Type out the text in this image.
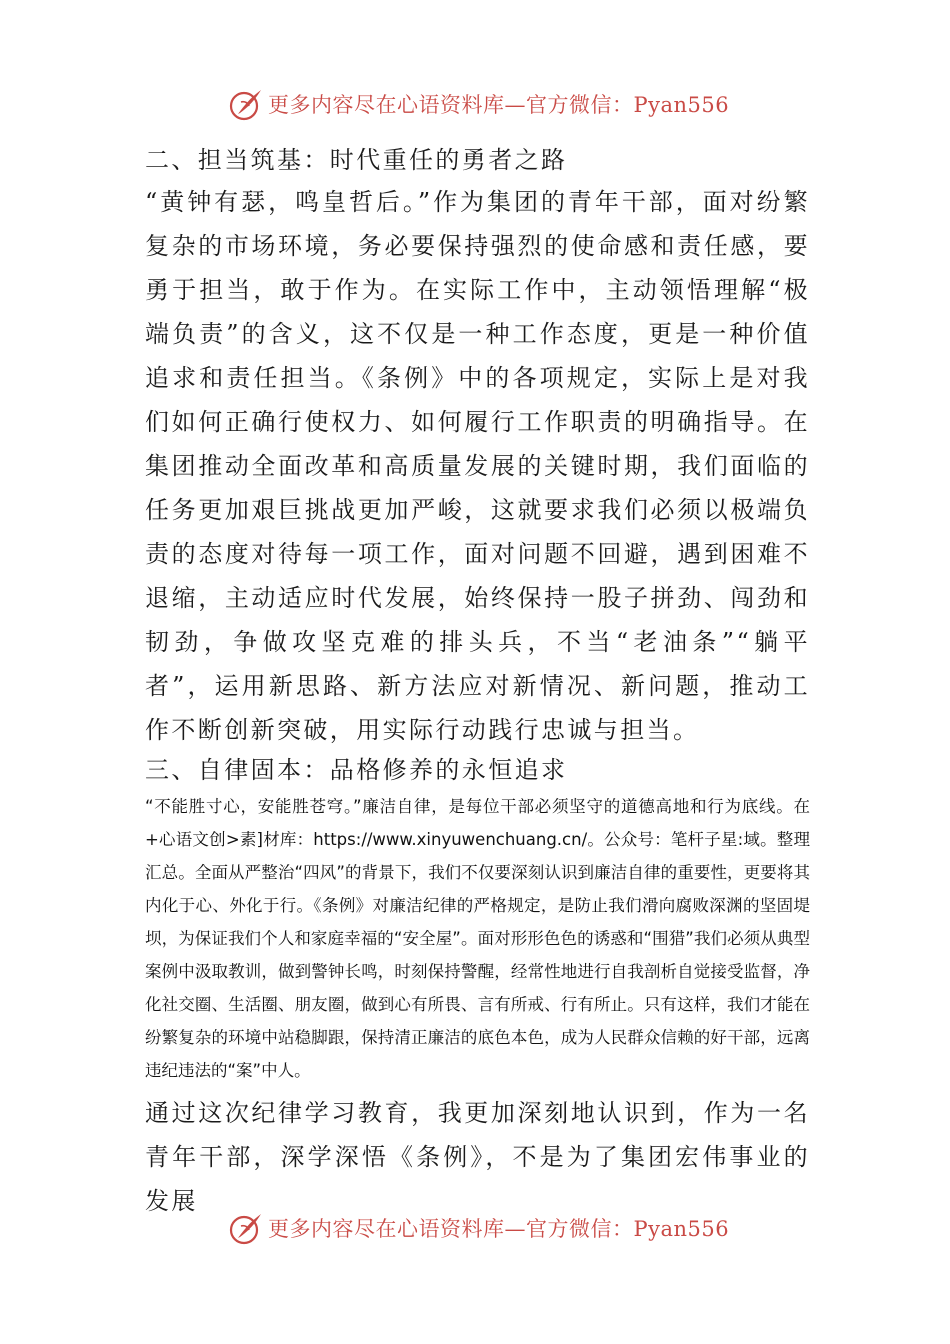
更多内容尽在心语资料库—官方微信：Pyan556
二、担当筑基：时代重任的勇者之路

“黄钟有瑟，鸣皇哲后。”作为集团的青年干部，面对纷繁复杂的市场环境，务必要保持强烈的使命感和责任感，要勇于担当，敢于作为。在实际工作中，主动领悟理解“极端负责”的含义，这不仅是一种工作态度，更是一种价值追求和责任担当。《条例》中的各项规定，实际上是对我们如何正确行使权力、如何履行工作职责的明确指导。在集团推动全面改革和高质量发展的关键时期，我们面临的任务更加艰巨挑战更加严峻，这就要求我们必须以极端负责的态度对待每一项工作，面对问题不回避，遇到困难不退缩，主动适应时代发展，始终保持一股子拼劲、闯劲和韧劲，争做攻坚克难的排头兵，不当“老油条”“躺平者”，运用新思路、新方法应对新情况、新问题，推动工作不断创新突破，用实际行动践行忠诚与担当。

三、自律固本：品格修养的永恒追求

“不能胜寸心，安能胜苍穹。”廉洁自律，是每位干部必须坚守的道德高地和行为底线。在+心语文创>素]材库：https://www.xinyuwenchuang.cn/。公众号：笔杆子星:域。整理汇总。全面从严整治“四风”的背景下，我们不仅要深刻认识到廉洁自律的重要性，更要将其内化于心、外化于行。《条例》对廉洁纪律的严格规定，是防止我们滑向腐败深渊的坚固堤坝，为保证我们个人和家庭幸福的“安全屋”。面对形形色色的诱惑和“围猎”我们必须从典型案例中汲取教训，做到警钟长鸣，时刻保持警醒，经常性地进行自我剖析自觉接受监督，净化社交圈、生活圈、朋友圈，做到心有所畏、言有所戒、行有所止。只有这样，我们才能在纷繁复杂的环境中站稳脚跟，保持清正廉洁的底色本色，成为人民群众信赖的好干部，远离违纪违法的“案”中人。

通过这次纪律学习教育，我更加深刻地认识到，作为一名青年干部，深学深悟《条例》，不是为了集团宏伟事业的发展

更多内容尽在心语资料库—官方微信：Pyan556
